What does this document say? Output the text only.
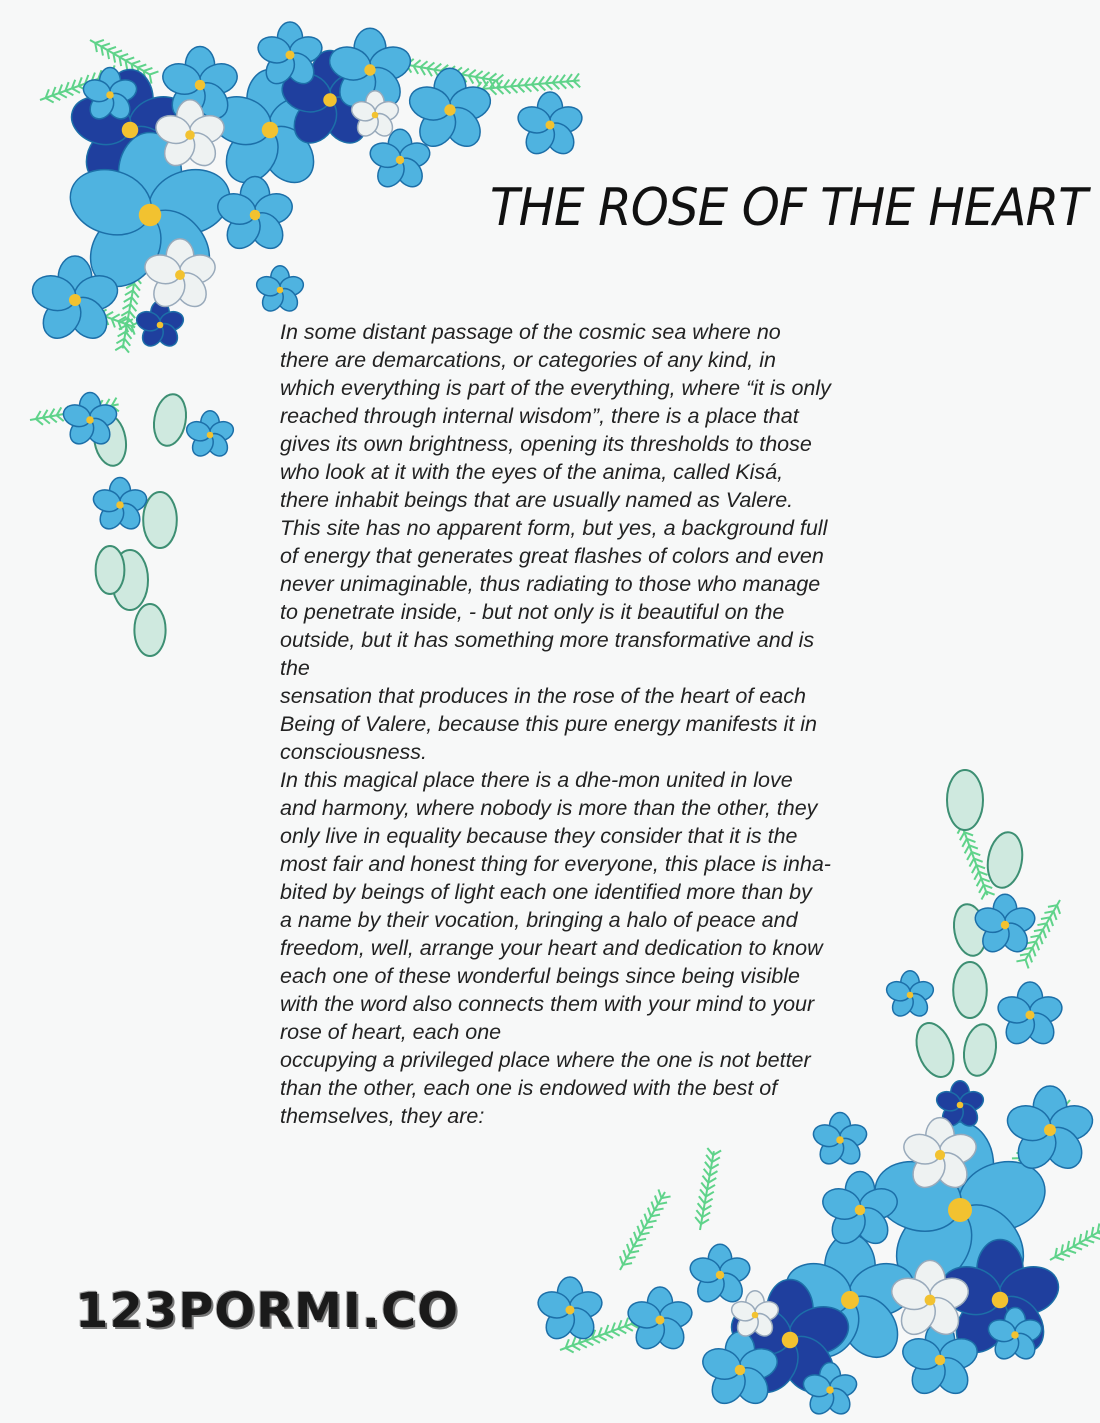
THE ROSE OF THE HEART
In some distant passage of the cosmic sea where no
there are demarcations, or categories of any kind, in
which everything is part of the everything, where “it is only
reached through internal wisdom”, there is a place that
gives its own brightness, opening its thresholds to those
who look at it with the eyes of the anima, called Kisá,
there inhabit beings that are usually named as Valere.
This site has no apparent form, but yes, a background full
of energy that generates great flashes of colors and even
never unimaginable, thus radiating to those who manage
to penetrate inside, - but not only is it beautiful on the
outside, but it has something more transformative and is
the
sensation that produces in the rose of the heart of each
Being of Valere, because this pure energy manifests it in
consciousness.
In this magical place there is a dhe-mon united in love
and harmony, where nobody is more than the other, they
only live in equality because they consider that it is the
most fair and honest thing for everyone, this place is inha-
bited by beings of light each one identified more than by
a name by their vocation, bringing a halo of peace and
freedom, well, arrange your heart and dedication to know
each one of these wonderful beings since being visible
with the word also connects them with your mind to your
rose of heart, each one
occupying a privileged place where the one is not better
than the other, each one is endowed with the best of
themselves, they are:
123PORMI.CO
